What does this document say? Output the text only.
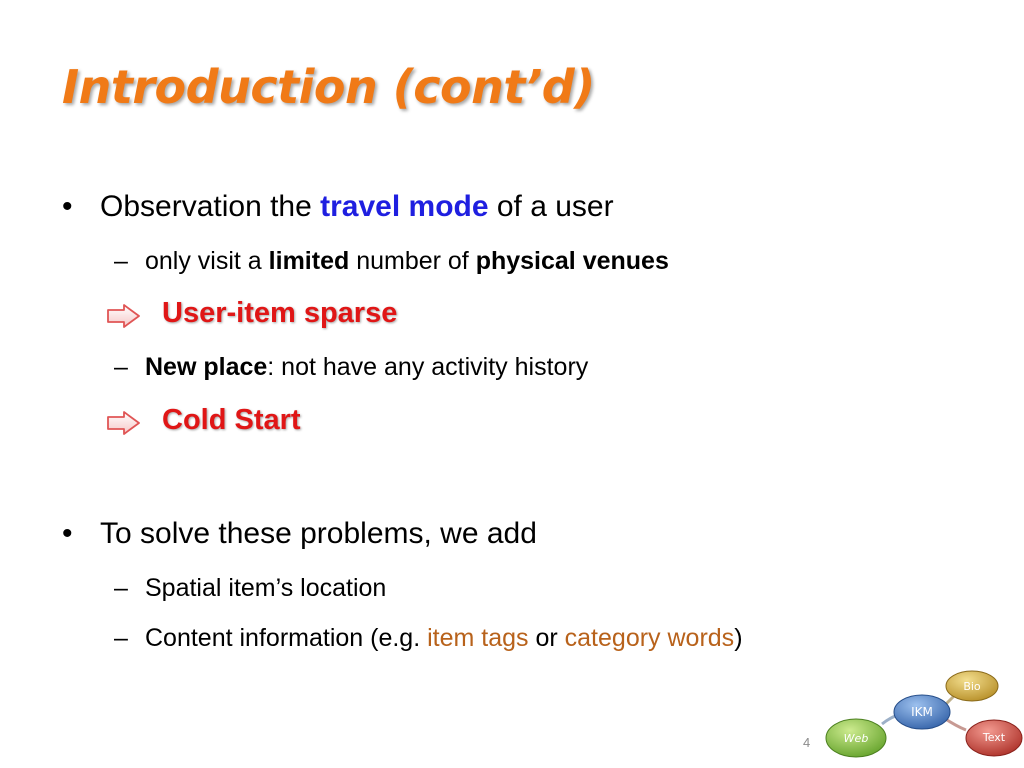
Introduction (cont’d)
• Observation the travel mode of a user
– only visit a limited number of physical venues
User-item sparse
– New place: not have any activity history
Cold Start
• To solve these problems, we add
– Spatial item’s location
– Content information (e.g. item tags or category words)
4
Bio
IKM
Web	Text
